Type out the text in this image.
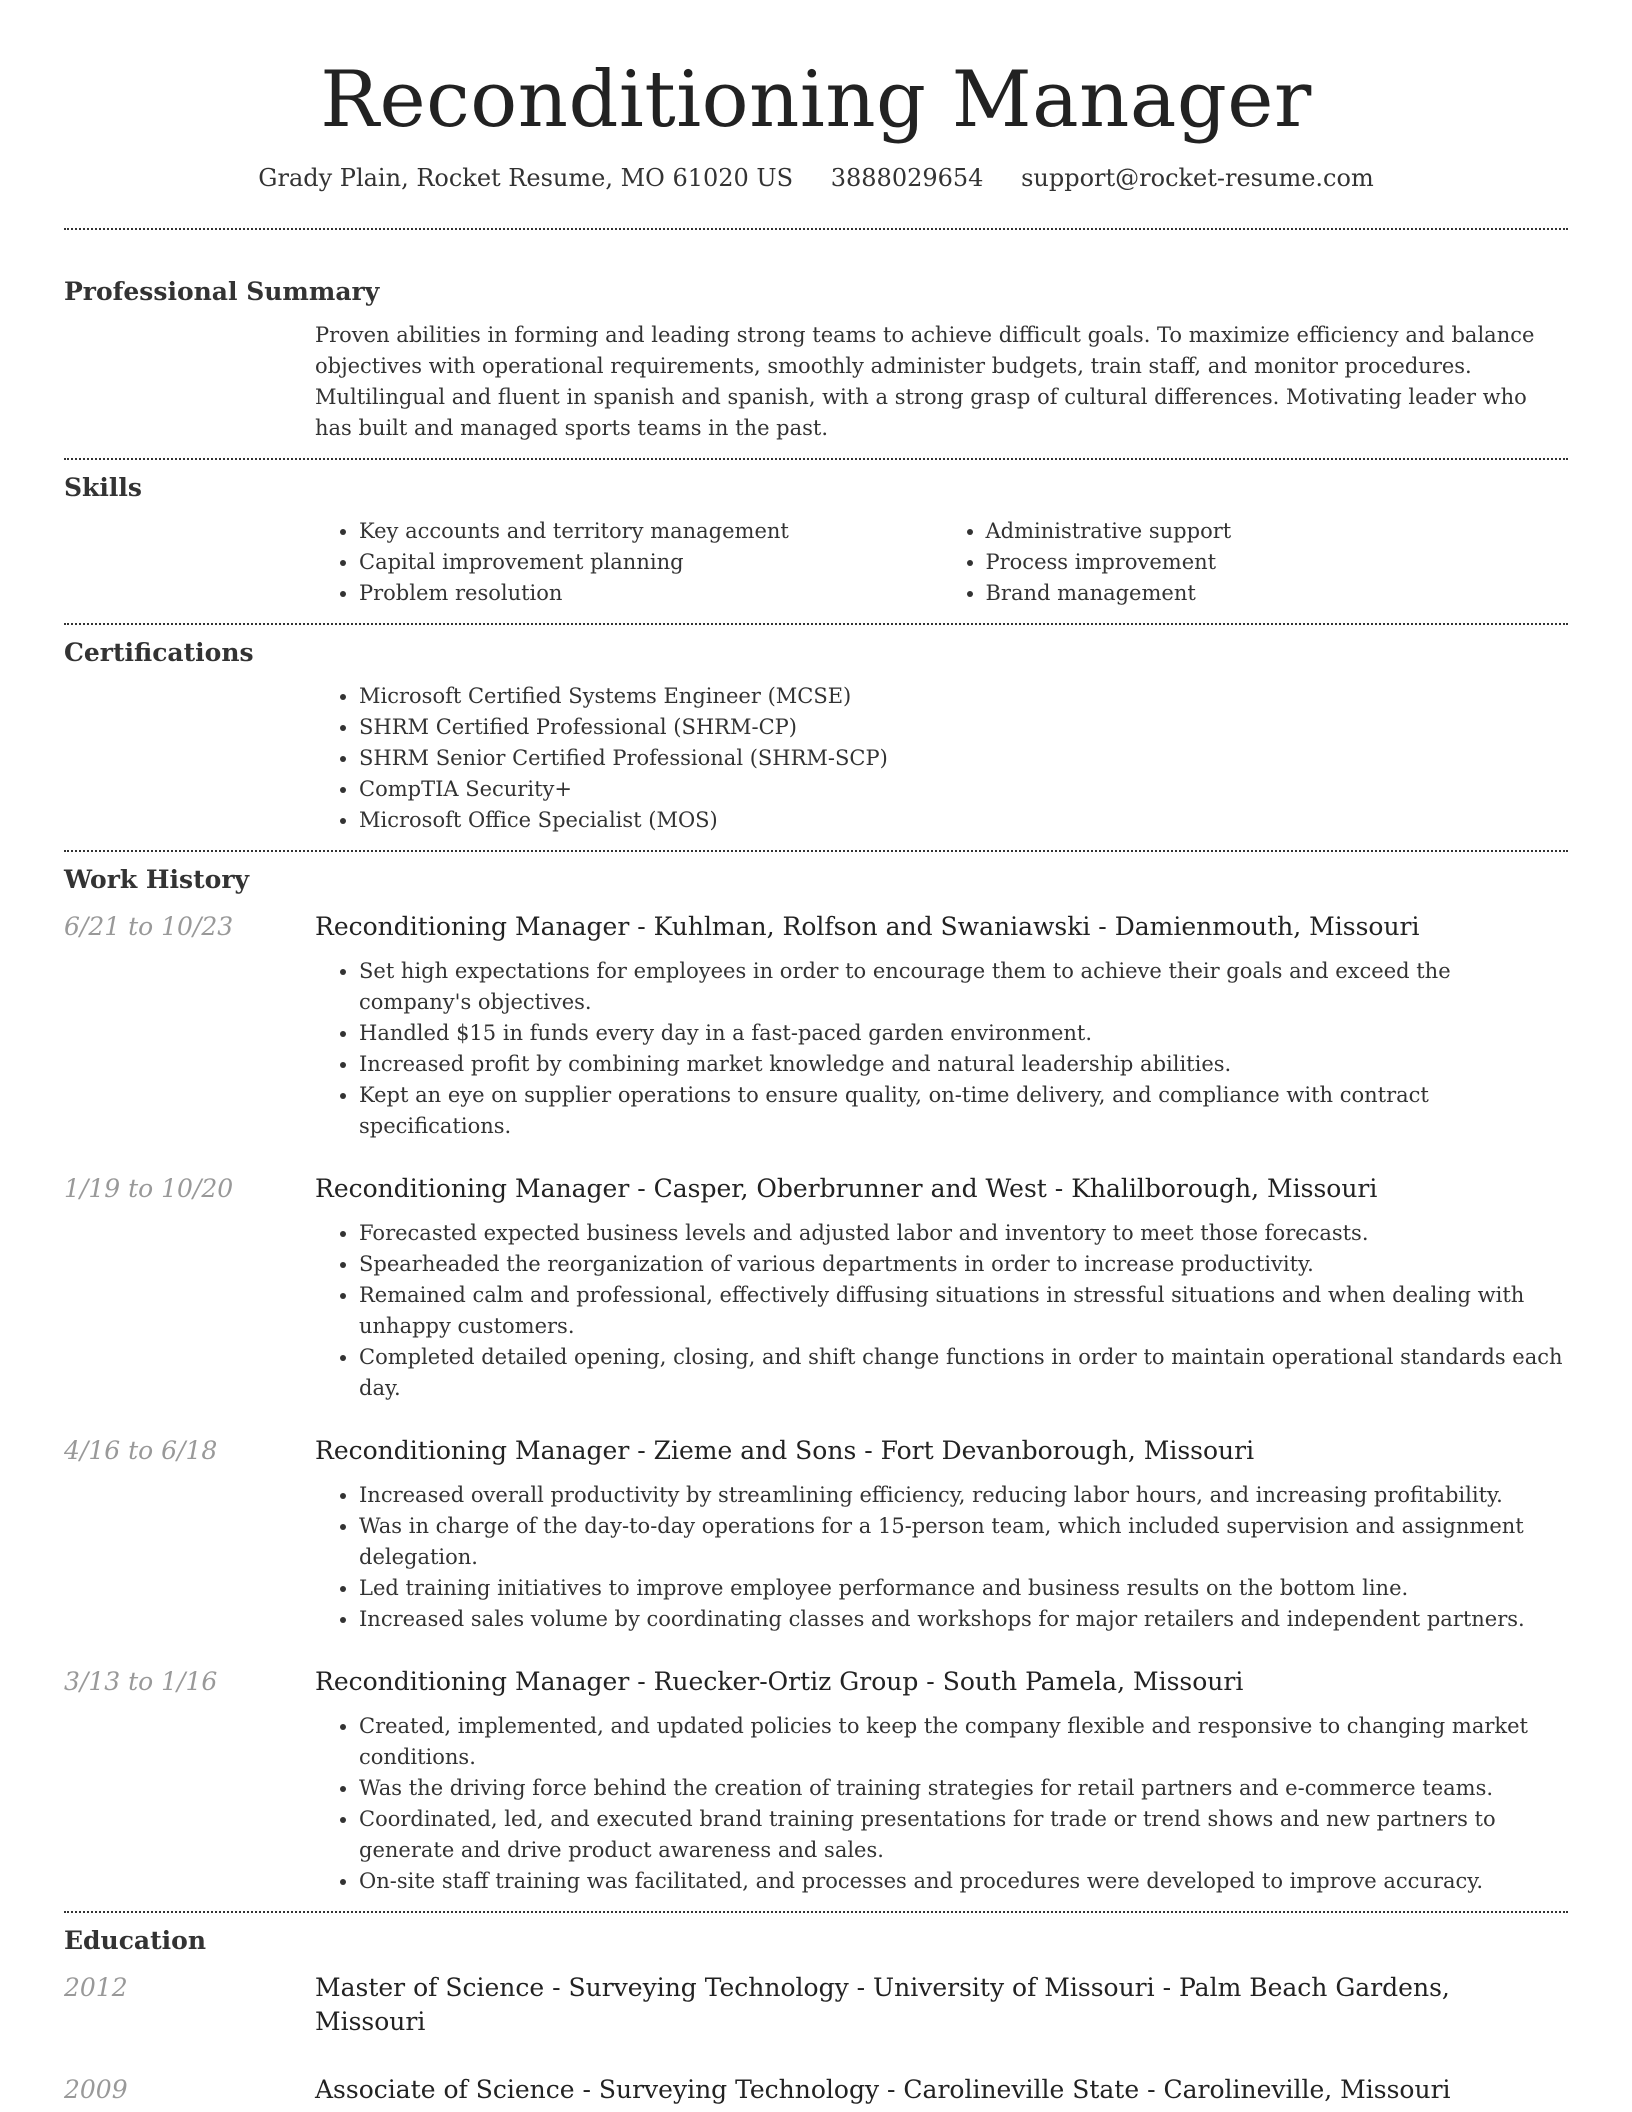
Reconditioning Manager
Grady Plain, Rocket Resume, MO 61020 US 3888029654 support@rocket-resume.com
Professional Summary
Proven abilities in forming and leading strong teams to achieve difficult goals. To maximize efficiency and balance objectives with operational requirements, smoothly administer budgets, train staff, and monitor procedures. Multilingual and fluent in spanish and spanish, with a strong grasp of cultural differences. Motivating leader who has built and managed sports teams in the past.
Skills
• Key accounts and territory management
• Capital improvement planning
• Problem resolution
• Administrative support
• Process improvement
• Brand management
Certifications
• Microsoft Certified Systems Engineer (MCSE)
• SHRM Certified Professional (SHRM-CP)
• SHRM Senior Certified Professional (SHRM-SCP)
• CompTIA Security+
• Microsoft Office Specialist (MOS)
Work History
6/21 to 10/23	Reconditioning Manager - Kuhlman, Rolfson and Swaniawski - Damienmouth, Missouri
• Set high expectations for employees in order to encourage them to achieve their goals and exceed the company's objectives.
• Handled $15 in funds every day in a fast-paced garden environment.
• Increased profit by combining market knowledge and natural leadership abilities.
• Kept an eye on supplier operations to ensure quality, on-time delivery, and compliance with contract specifications.
1/19 to 10/20	Reconditioning Manager - Casper, Oberbrunner and West - Khalilborough, Missouri
• Forecasted expected business levels and adjusted labor and inventory to meet those forecasts.
• Spearheaded the reorganization of various departments in order to increase productivity.
• Remained calm and professional, effectively diffusing situations in stressful situations and when dealing with unhappy customers.
• Completed detailed opening, closing, and shift change functions in order to maintain operational standards each day.
4/16 to 6/18	Reconditioning Manager - Zieme and Sons - Fort Devanborough, Missouri
• Increased overall productivity by streamlining efficiency, reducing labor hours, and increasing profitability.
• Was in charge of the day-to-day operations for a 15-person team, which included supervision and assignment delegation.
• Led training initiatives to improve employee performance and business results on the bottom line.
• Increased sales volume by coordinating classes and workshops for major retailers and independent partners.
3/13 to 1/16	Reconditioning Manager - Ruecker-Ortiz Group - South Pamela, Missouri
• Created, implemented, and updated policies to keep the company flexible and responsive to changing market conditions.
• Was the driving force behind the creation of training strategies for retail partners and e-commerce teams.
• Coordinated, led, and executed brand training presentations for trade or trend shows and new partners to generate and drive product awareness and sales.
• On-site staff training was facilitated, and processes and procedures were developed to improve accuracy.
Education
2012	Master of Science - Surveying Technology - University of Missouri - Palm Beach Gardens, Missouri
2009	Associate of Science - Surveying Technology - Carolineville State - Carolineville, Missouri
